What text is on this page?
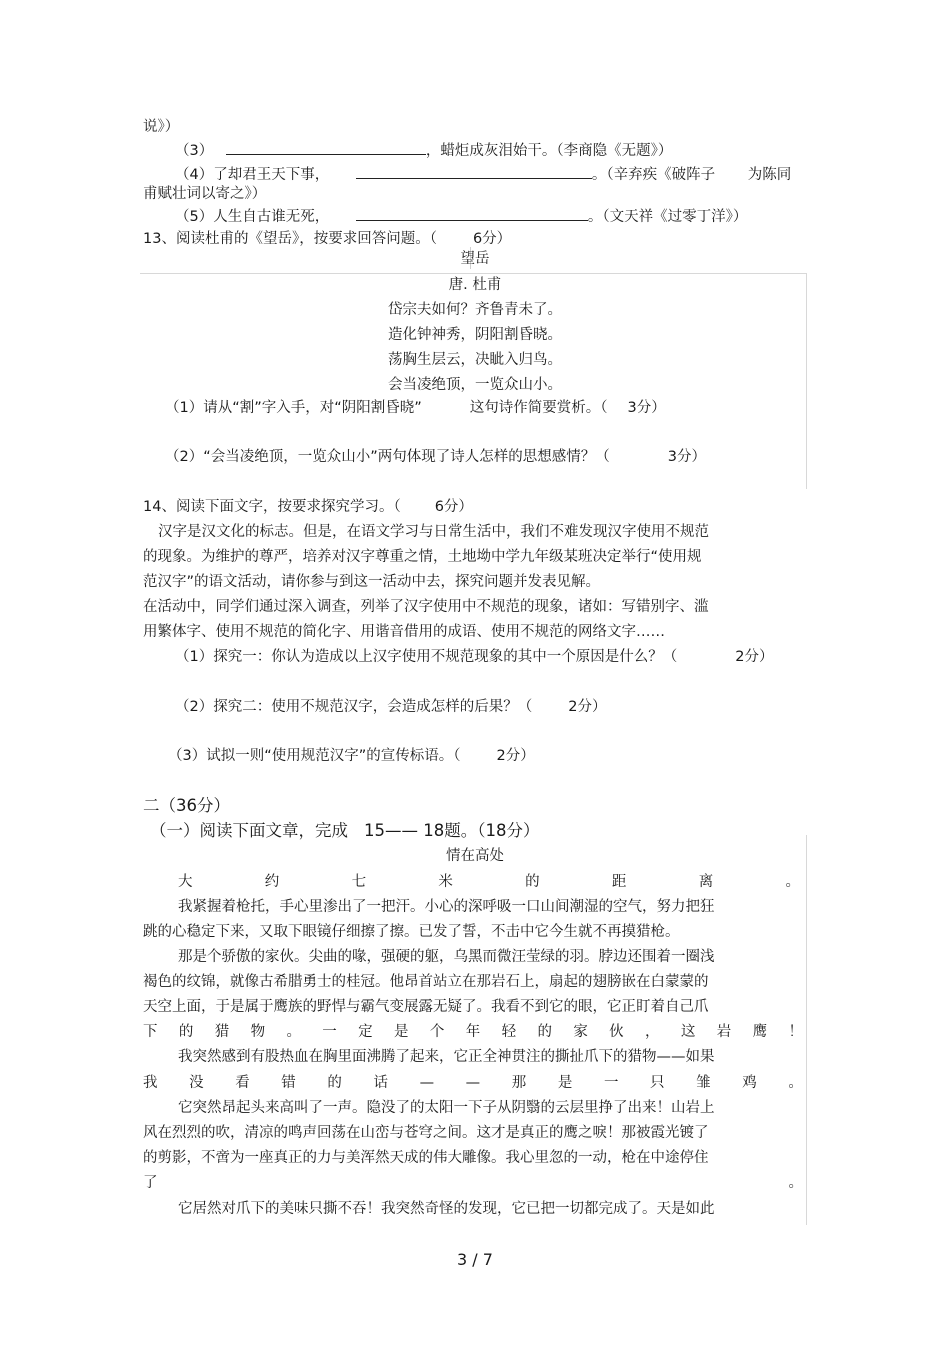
说》）
（3）	，蜡炬成灰泪始干。（李商隐《无题》）
（4）了却君王天下事，	。（辛弃疾《破阵子 为陈同
甫赋壮词以寄之》）
（5）人生自古谁无死，	。（文天祥《过零丁洋》）
13、阅读杜甫的《望岳》，按要求回答问题。（ 6分）
望岳
唐. 杜甫
岱宗夫如何？齐鲁青未了。
造化钟神秀，阴阳割昏晓。
荡胸生层云，决眦入归鸟。
会当凌绝顶，一览众山小。
（1）请从“割”字入手，对“阴阳割昏晓”	这句诗作简要赏析。（ 3分）
（2）“会当凌绝顶，一览众山小”两句体现了诗人怎样的思想感情？（	3分）
14、阅读下面文字，按要求探究学习。（ 6分）
汉字是汉文化的标志。但是，在语文学习与日常生活中，我们不难发现汉字使用不规范
的现象。为维护的尊严，培养对汉字尊重之情，土地坳中学九年级某班决定举行“使用规
范汉字”的语文活动，请你参与到这一活动中去，探究问题并发表见解。
在活动中，同学们通过深入调查，列举了汉字使用中不规范的现象，诸如：写错别字、滥
用繁体字、使用不规范的简化字、用谐音借用的成语、使用不规范的网络文字……
（1）探究一：你认为造成以上汉字使用不规范现象的其中一个原因是什么？（	2分）
（2）探究二：使用不规范汉字，会造成怎样的后果？（ 2分）
（3）试拟一则“使用规范汉字”的宣传标语。（ 2分）
二（36分）
（一）阅读下面文章，完成 15—— 18题。（18分）
情在高处
大	约	七	米	的	距	离	。
我紧握着枪托，手心里渗出了一把汗。小心的深呼吸一口山间潮湿的空气，努力把狂
跳的心稳定下来，又取下眼镜仔细擦了擦。已发了誓，不击中它今生就不再摸猎枪。
那是个骄傲的家伙。尖曲的喙，强硬的躯，乌黑而微汪莹绿的羽。脖边还围着一圈浅
褐色的纹锦，就像古希腊勇士的桂冠。他昂首站立在那岩石上，扇起的翅膀嵌在白蒙蒙的
天空上面，于是属于鹰族的野悍与霸气变展露无疑了。我看不到它的眼，它正盯着自己爪
下 的 猎 物 。 一 定 是 个 年 轻 的 家 伙 ， 这 岩 鹰 ！
我突然感到有股热血在胸里面沸腾了起来，它正全神贯注的撕扯爪下的猎物——如果
我 没 看 错 的 话 — — 那 是 一 只 雏 鸡 。
它突然昂起头来高叫了一声。隐没了的太阳一下子从阴翳的云层里挣了出来！山岩上
风在烈烈的吹，清凉的鸣声回荡在山峦与苍穹之间。这才是真正的鹰之唳！那被霞光镀了
的剪影，不啻为一座真正的力与美浑然天成的伟大雕像。我心里忽的一动，枪在中途停住
了	。
它居然对爪下的美味只撕不吞！我突然奇怪的发现，它已把一切都完成了。天是如此
3 / 7
